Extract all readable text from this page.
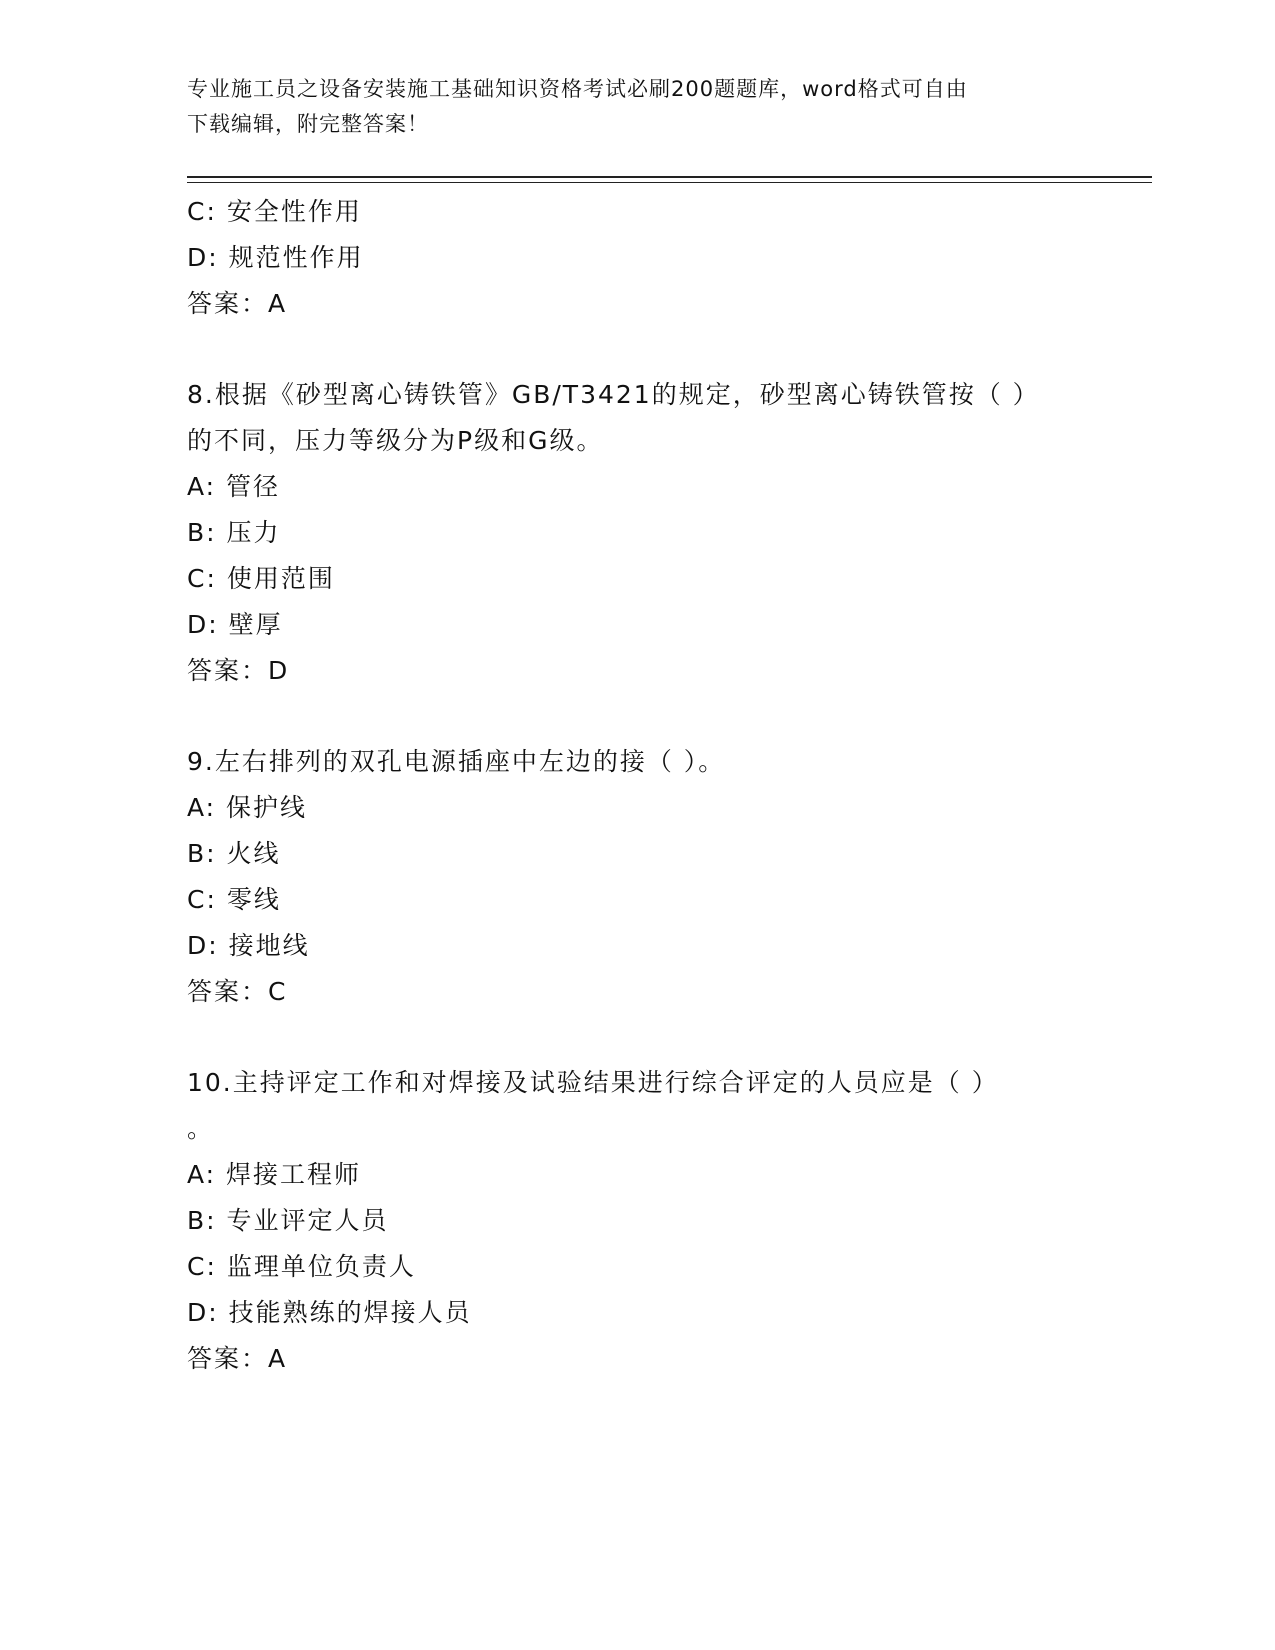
专业施工员之设备安装施工基础知识资格考试必刷200题题库，word格式可自由
下载编辑，附完整答案！
C: 安全性作用
D: 规范性作用
答案：A
8.根据《砂型离心铸铁管》GB/T3421的规定，砂型离心铸铁管按（ ）
的不同，压力等级分为P级和G级。
A: 管径
B: 压力
C: 使用范围
D: 壁厚
答案：D
9.左右排列的双孔电源插座中左边的接（ ）。
A: 保护线
B: 火线
C: 零线
D: 接地线
答案：C
10.主持评定工作和对焊接及试验结果进行综合评定的人员应是（ ）
。
A: 焊接工程师
B: 专业评定人员
C: 监理单位负责人
D: 技能熟练的焊接人员
答案：A
